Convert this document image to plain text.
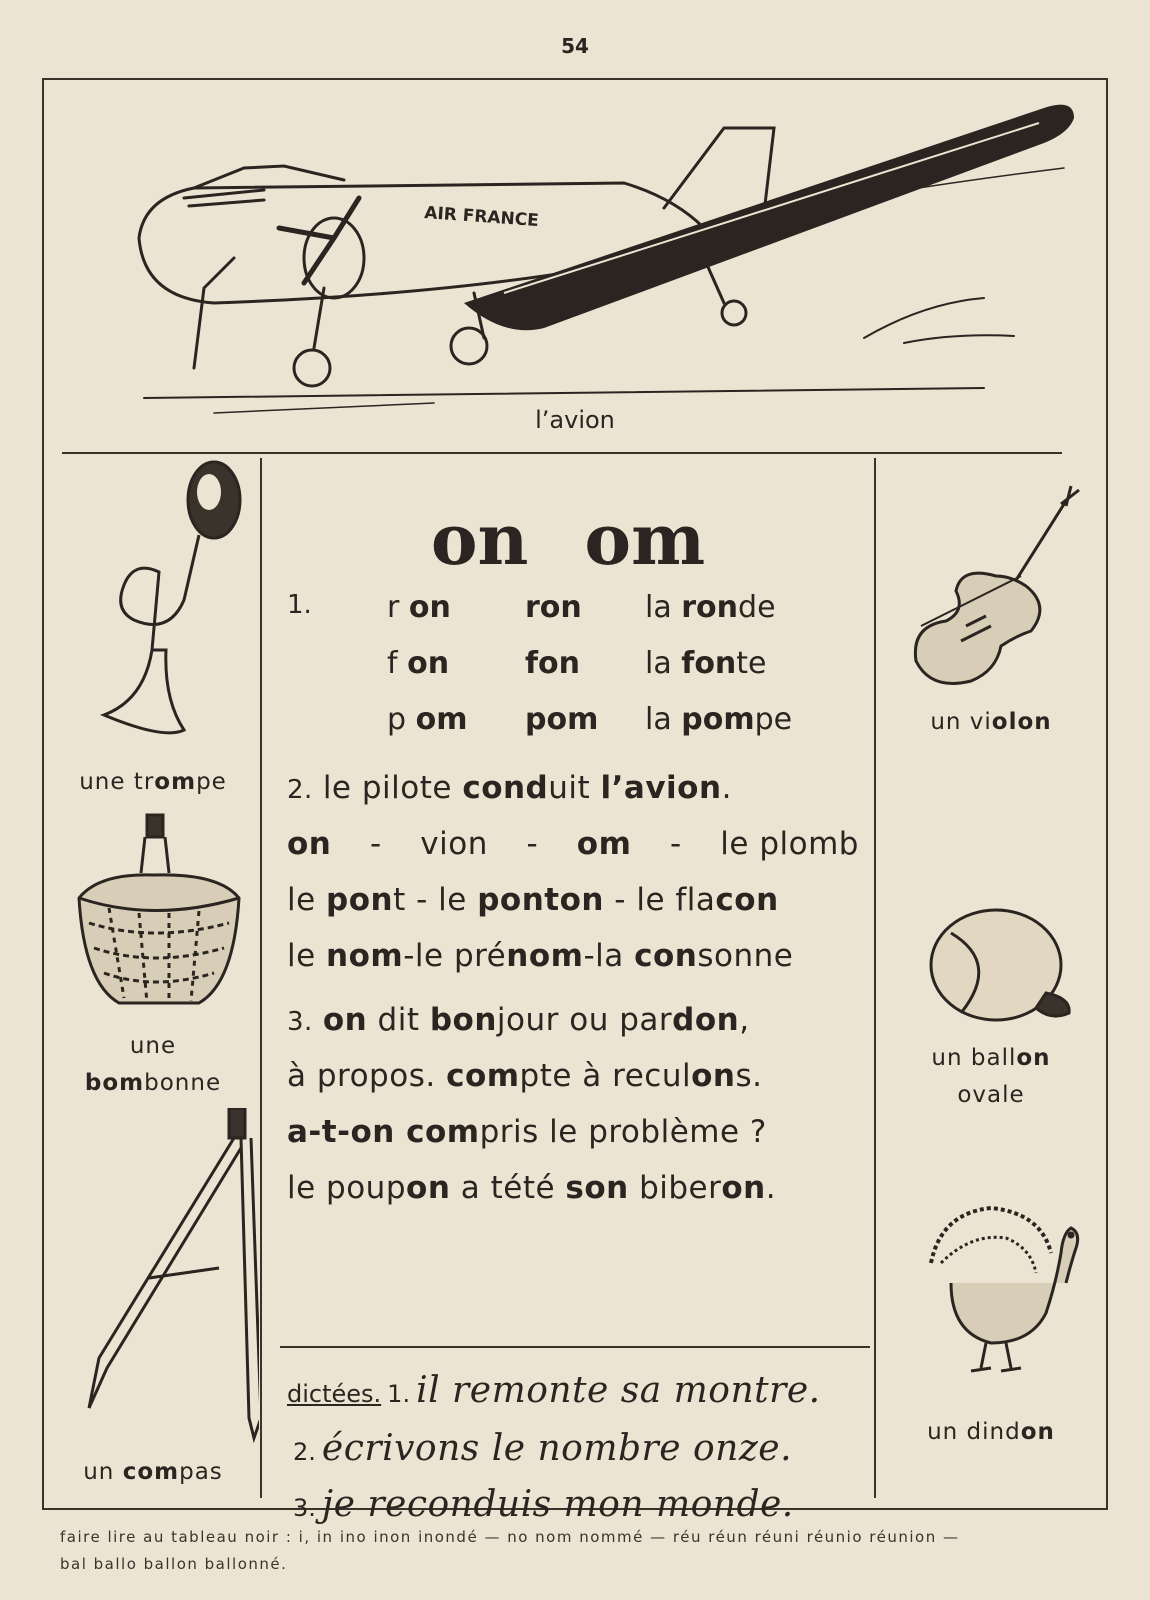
54
AIR FRANCE
l’avion
une trompe
une
bombonne
un compas
on om
1.	r on ron la ronde
f on	fon la fonte
p om pom la pompe
2. le pilote conduit l’avion.
on - vion - om - le plomb
le pont - le ponton - le flacon
le nom-le prénom-la consonne
3. on dit bonjour ou pardon,
à propos. compte à reculons.
a-t-on compris le problème ?
le poupon a tété son biberon.
dictées. 1. il remonte sa montre.
2. écrivons le nombre onze.
3. je reconduis mon monde.
un violon
un ballon
ovale
un dindon
faire lire au tableau noir : i, in ino inon inondé — no nom nommé — réu réun réuni réunio réunion —
bal ballo ballon ballonné.
